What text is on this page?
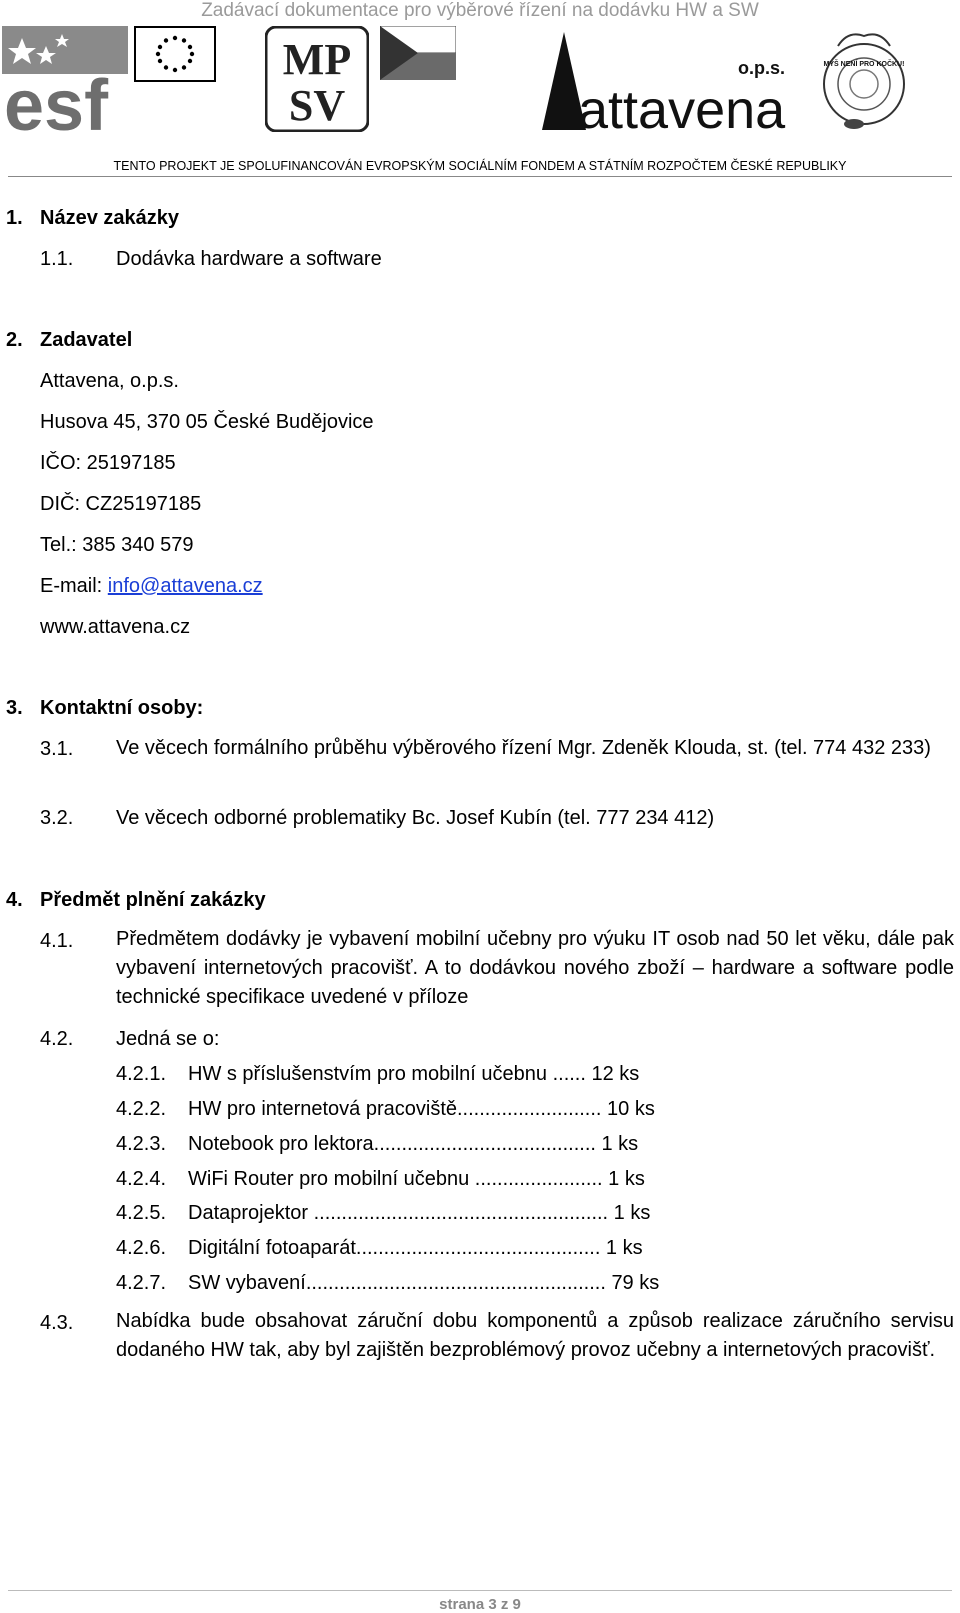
Zadávací dokumentace pro výběrové řízení na dodávku HW a SW
esf
MP
SV
o.p.s.
attavena
MYŠ NENÍ PRO KOČKU!
TENTO PROJEKT JE SPOLUFINANCOVÁN EVROPSKÝM SOCIÁLNÍM FONDEM A STÁTNÍM ROZPOČTEM ČESKÉ REPUBLIKY
1. Název zakázky
1.1. Dodávka hardware a software
2. Zadavatel
Attavena, o.p.s.
Husova 45, 370 05 České Budějovice
IČO: 25197185
DIČ: CZ25197185
Tel.: 385 340 579
E-mail: info@attavena.cz
www.attavena.cz
3. Kontaktní osoby:
3.1. Ve věcech formálního průběhu výběrového řízení Mgr. Zdeněk Klouda, st. (tel. 774 432 233)
3.2. Ve věcech odborné problematiky Bc. Josef Kubín (tel. 777 234 412)
4. Předmět plnění zakázky
4.1. Předmětem dodávky je vybavení mobilní učebny pro výuku IT osob nad 50 let věku, dále pak vybavení internetových pracovišť. A to dodávkou nového zboží – hardware a software podle technické specifikace uvedené v příloze
4.2. Jedná se o:
4.2.1. HW s příslušenstvím pro mobilní učebnu ...... 12 ks
4.2.2. HW pro internetová pracoviště.......................... 10 ks
4.2.3. Notebook pro lektora........................................ 1 ks
4.2.4. WiFi Router pro mobilní učebnu ....................... 1 ks
4.2.5. Dataprojektor ..................................................... 1 ks
4.2.6. Digitální fotoaparát............................................ 1 ks
4.2.7. SW vybavení...................................................... 79 ks
4.3. Nabídka bude obsahovat záruční dobu komponentů a způsob realizace záručního servisu dodaného HW tak, aby byl zajištěn bezproblémový provoz učebny a internetových pracovišť.
strana 3 z 9
